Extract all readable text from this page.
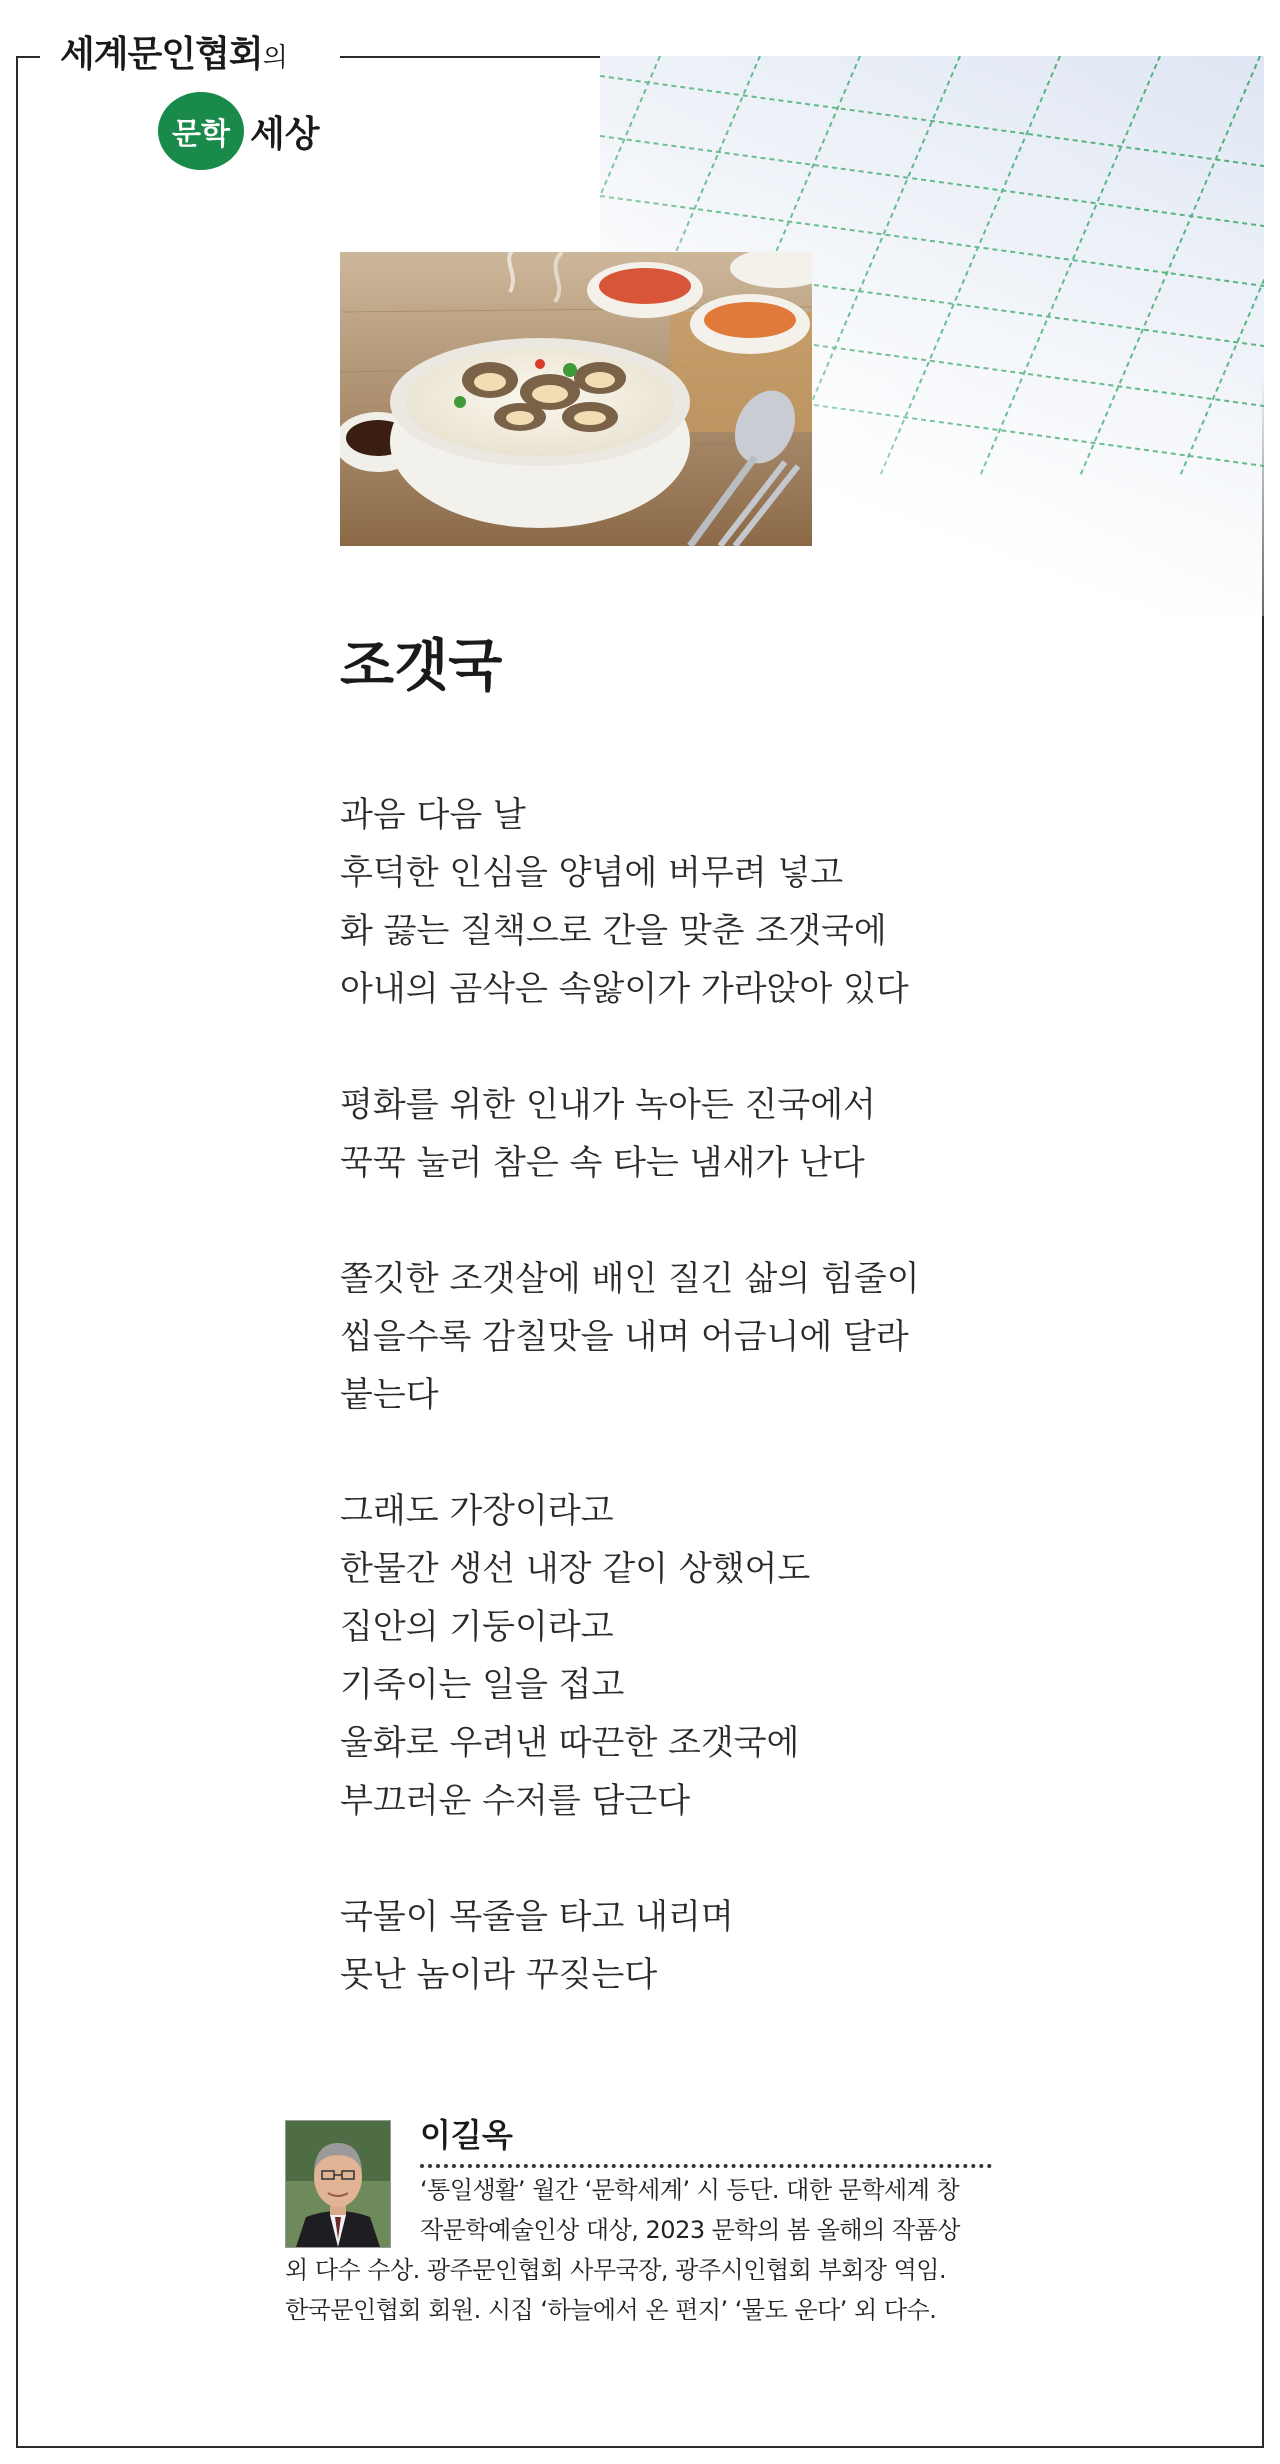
세계문인협회의
문학 세상
조갯국
과음 다음 날
후덕한 인심을 양념에 버무려 넣고
화 끓는 질책으로 간을 맞춘 조갯국에
아내의 곰삭은 속앓이가 가라앉아 있다
평화를 위한 인내가 녹아든 진국에서
꾹꾹 눌러 참은 속 타는 냄새가 난다
쫄깃한 조갯살에 배인 질긴 삶의 힘줄이
씹을수록 감칠맛을 내며 어금니에 달라
붙는다
그래도 가장이라고
한물간 생선 내장 같이 상했어도
집안의 기둥이라고
기죽이는 일을 접고
울화로 우려낸 따끈한 조갯국에
부끄러운 수저를 담근다
국물이 목줄을 타고 내리며
못난 놈이라 꾸짖는다
이길옥
‘통일생활’ 월간 ‘문학세계’ 시 등단. 대한 문학세계 창
작문학예술인상 대상, 2023 문학의 봄 올해의 작품상
외 다수 수상. 광주문인협회 사무국장, 광주시인협회 부회장 역임.
한국문인협회 회원. 시집 ‘하늘에서 온 편지’ ‘물도 운다’ 외 다수.
